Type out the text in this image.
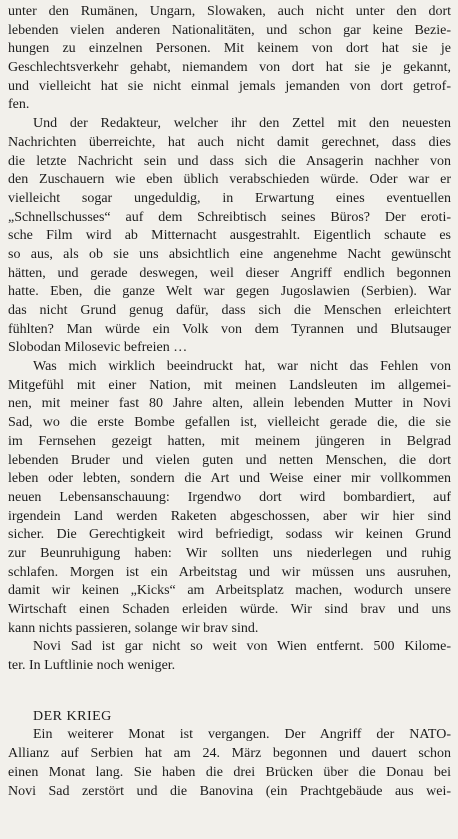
unter den Rumänen, Ungarn, Slowaken, auch nicht unter den dort
lebenden vielen anderen Nationalitäten, und schon gar keine Bezie-
hungen zu einzelnen Personen. Mit keinem von dort hat sie je
Geschlechtsverkehr gehabt, niemandem von dort hat sie je gekannt,
und vielleicht hat sie nicht einmal jemals jemanden von dort getrof-
fen.
Und der Redakteur, welcher ihr den Zettel mit den neuesten
Nachrichten überreichte, hat auch nicht damit gerechnet, dass dies
die letzte Nachricht sein und dass sich die Ansagerin nachher von
den Zuschauern wie eben üblich verabschieden würde. Oder war er
vielleicht sogar ungeduldig, in Erwartung eines eventuellen
„Schnellschusses“ auf dem Schreibtisch seines Büros? Der eroti-
sche Film wird ab Mitternacht ausgestrahlt. Eigentlich schaute es
so aus, als ob sie uns absichtlich eine angenehme Nacht gewünscht
hätten, und gerade deswegen, weil dieser Angriff endlich begonnen
hatte. Eben, die ganze Welt war gegen Jugoslawien (Serbien). War
das nicht Grund genug dafür, dass sich die Menschen erleichtert
fühlten? Man würde ein Volk von dem Tyrannen und Blutsauger
Slobodan Milosevic befreien …
Was mich wirklich beeindruckt hat, war nicht das Fehlen von
Mitgefühl mit einer Nation, mit meinen Landsleuten im allgemei-
nen, mit meiner fast 80 Jahre alten, allein lebenden Mutter in Novi
Sad, wo die erste Bombe gefallen ist, vielleicht gerade die, die sie
im Fernsehen gezeigt hatten, mit meinem jüngeren in Belgrad
lebenden Bruder und vielen guten und netten Menschen, die dort
leben oder lebten, sondern die Art und Weise einer mir vollkommen
neuen Lebensanschauung: Irgendwo dort wird bombardiert, auf
irgendein Land werden Raketen abgeschossen, aber wir hier sind
sicher. Die Gerechtigkeit wird befriedigt, sodass wir keinen Grund
zur Beunruhigung haben: Wir sollten uns niederlegen und ruhig
schlafen. Morgen ist ein Arbeitstag und wir müssen uns ausruhen,
damit wir keinen „Kicks“ am Arbeitsplatz machen, wodurch unsere
Wirtschaft einen Schaden erleiden würde. Wir sind brav und uns
kann nichts passieren, solange wir brav sind.
Novi Sad ist gar nicht so weit von Wien entfernt. 500 Kilome-
ter. In Luftlinie noch weniger.
DER KRIEG
Ein weiterer Monat ist vergangen. Der Angriff der NATO-
Allianz auf Serbien hat am 24. März begonnen und dauert schon
einen Monat lang. Sie haben die drei Brücken über die Donau bei
Novi Sad zerstört und die Banovina (ein Prachtgebäude aus wei-
